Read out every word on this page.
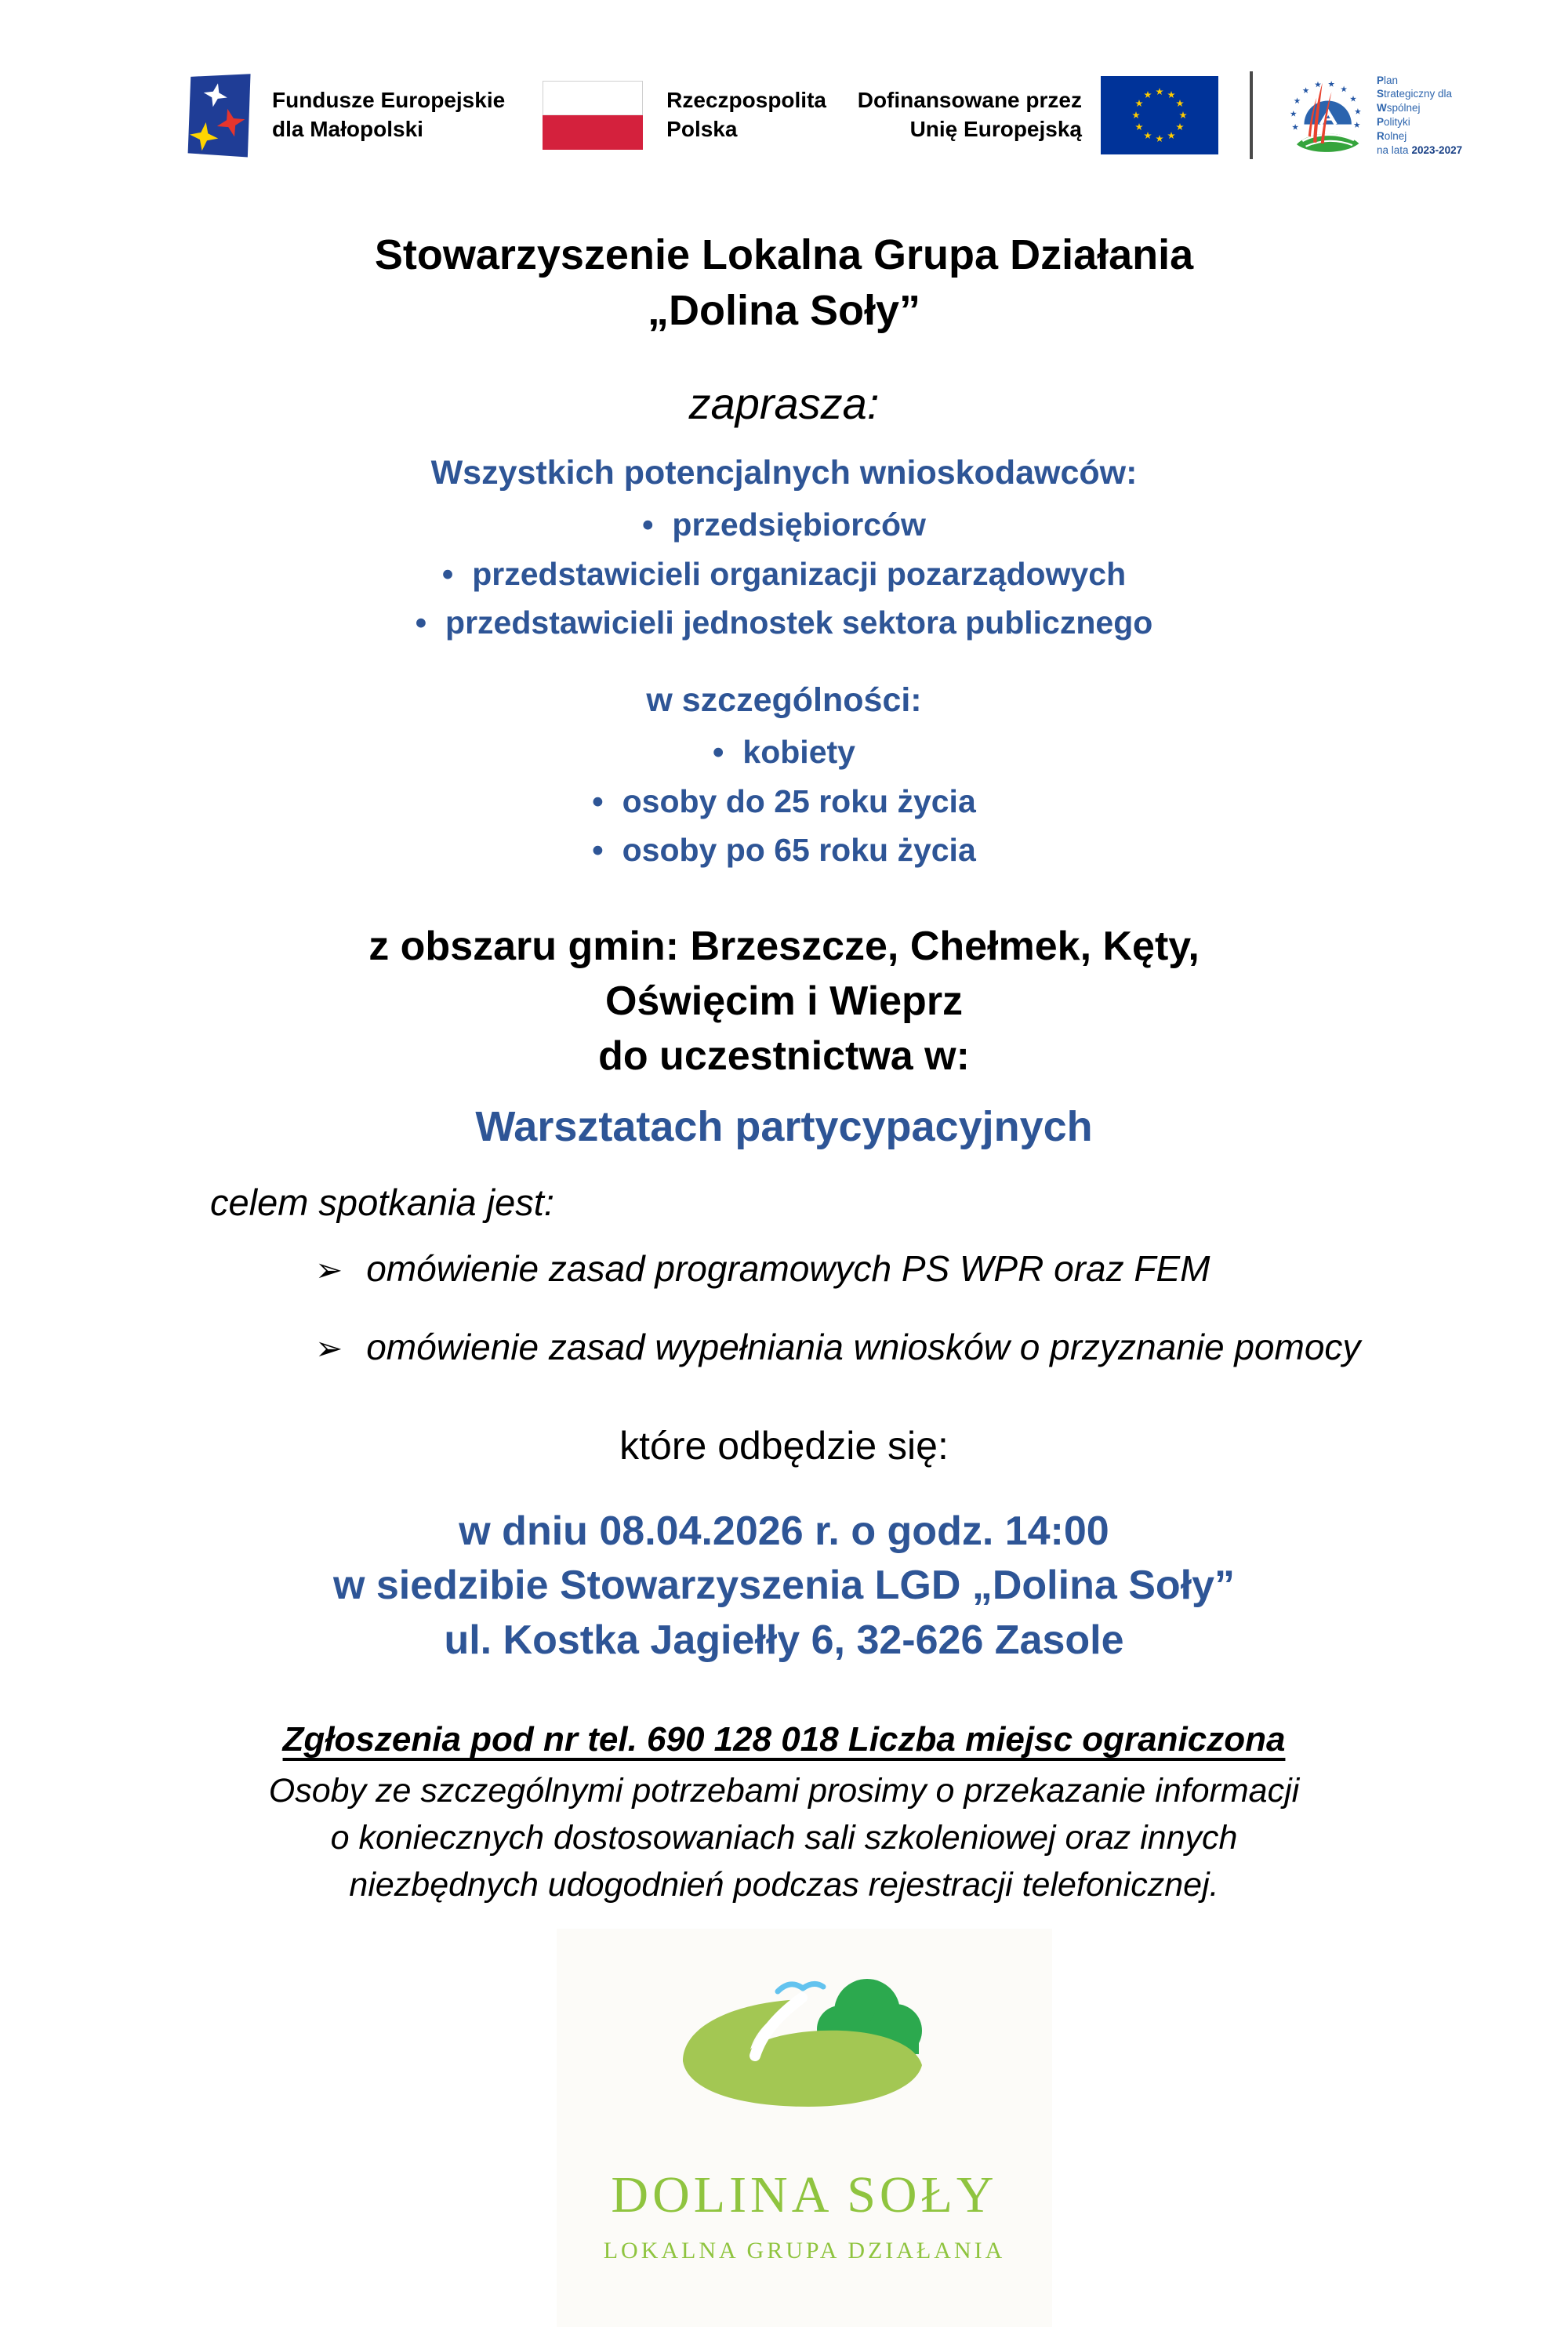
Fundusze Europejskie
dla Małopolski
Rzeczpospolita
Polska
Dofinansowane przez
Unię Europejską
Plan
Strategiczny dla
Wspólnej
Polityki
Rolnej
na lata 2023-2027
Stowarzyszenie Lokalna Grupa Działania
„Dolina Soły”
zaprasza:
Wszystkich potencjalnych wnioskodawców:
• przedsiębiorców
• przedstawicieli organizacji pozarządowych
• przedstawicieli jednostek sektora publicznego
w szczególności:
• kobiety
• osoby do 25 roku życia
• osoby po 65 roku życia
z obszaru gmin: Brzeszcze, Chełmek, Kęty,
Oświęcim i Wieprz
do uczestnictwa w:
Warsztatach partycypacyjnych
celem spotkania jest:
➢ omówienie zasad programowych PS WPR oraz FEM
➢ omówienie zasad wypełniania wniosków o przyznanie pomocy
które odbędzie się:
w dniu 08.04.2026 r. o godz. 14:00
w siedzibie Stowarzyszenia LGD „Dolina Soły”
ul. Kostka Jagiełły 6, 32-626 Zasole
Zgłoszenia pod nr tel. 690 128 018 Liczba miejsc ograniczona
Osoby ze szczególnymi potrzebami prosimy o przekazanie informacji
o koniecznych dostosowaniach sali szkoleniowej oraz innych
niezbędnych udogodnień podczas rejestracji telefonicznej.
DOLINA SOŁY
LOKALNA GRUPA DZIAŁANIA
